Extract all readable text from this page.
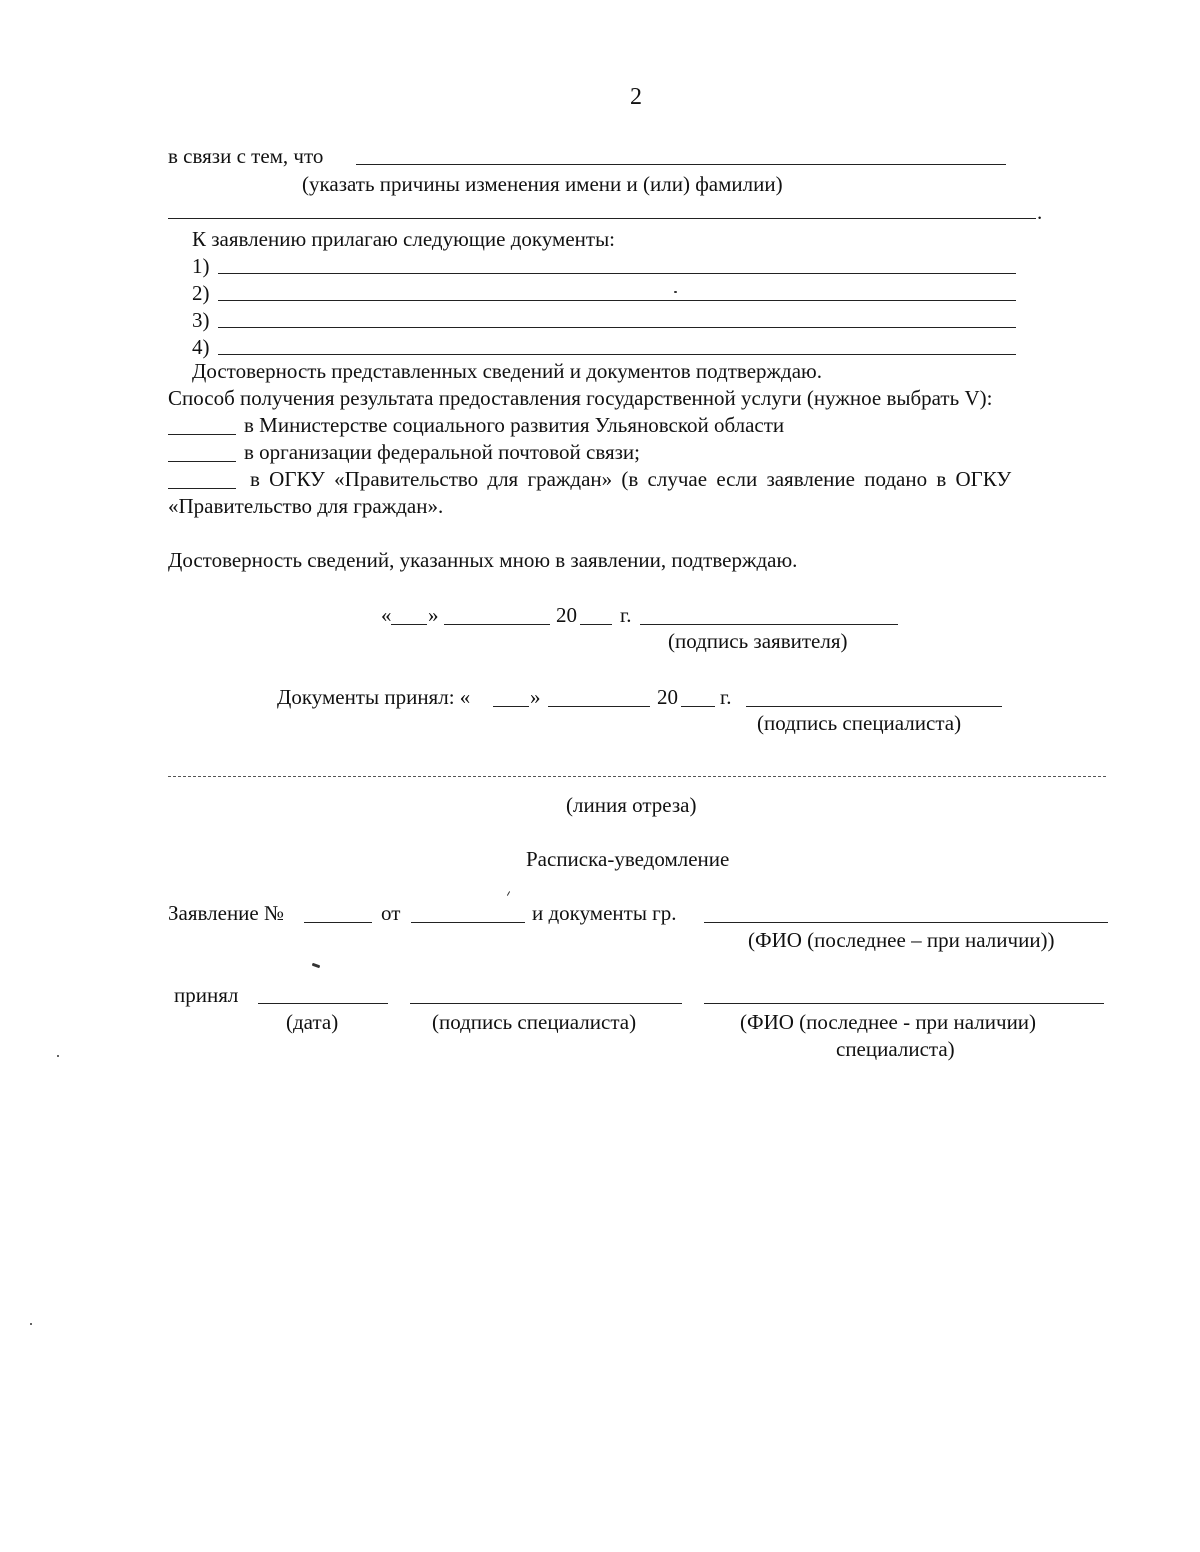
2
в связи с тем, что
(указать причины изменения имени и (или) фамилии)
.
К заявлению прилагаю следующие документы:
1)
2)
3)
4)
Достоверность представленных сведений и документов подтверждаю.
Способ получения результата предоставления государственной услуги (нужное выбрать V):
в Министерстве социального развития Ульяновской области
в организации федеральной почтовой связи;
в ОГКУ «Правительство для граждан» (в случае если заявление подано в ОГКУ
«Правительство для граждан».
Достоверность сведений, указанных мною в заявлении, подтверждаю.
« »	20 г.
(подпись заявителя)
Документы принял: «	»	20 г.
(подпись специалиста)
(линия отреза)
Расписка-уведомление
Заявление №	от	и документы гр.
(ФИО (последнее – при наличии))
принял
(дата)	(подпись специалиста)	(ФИО (последнее - при наличии)
специалиста)
